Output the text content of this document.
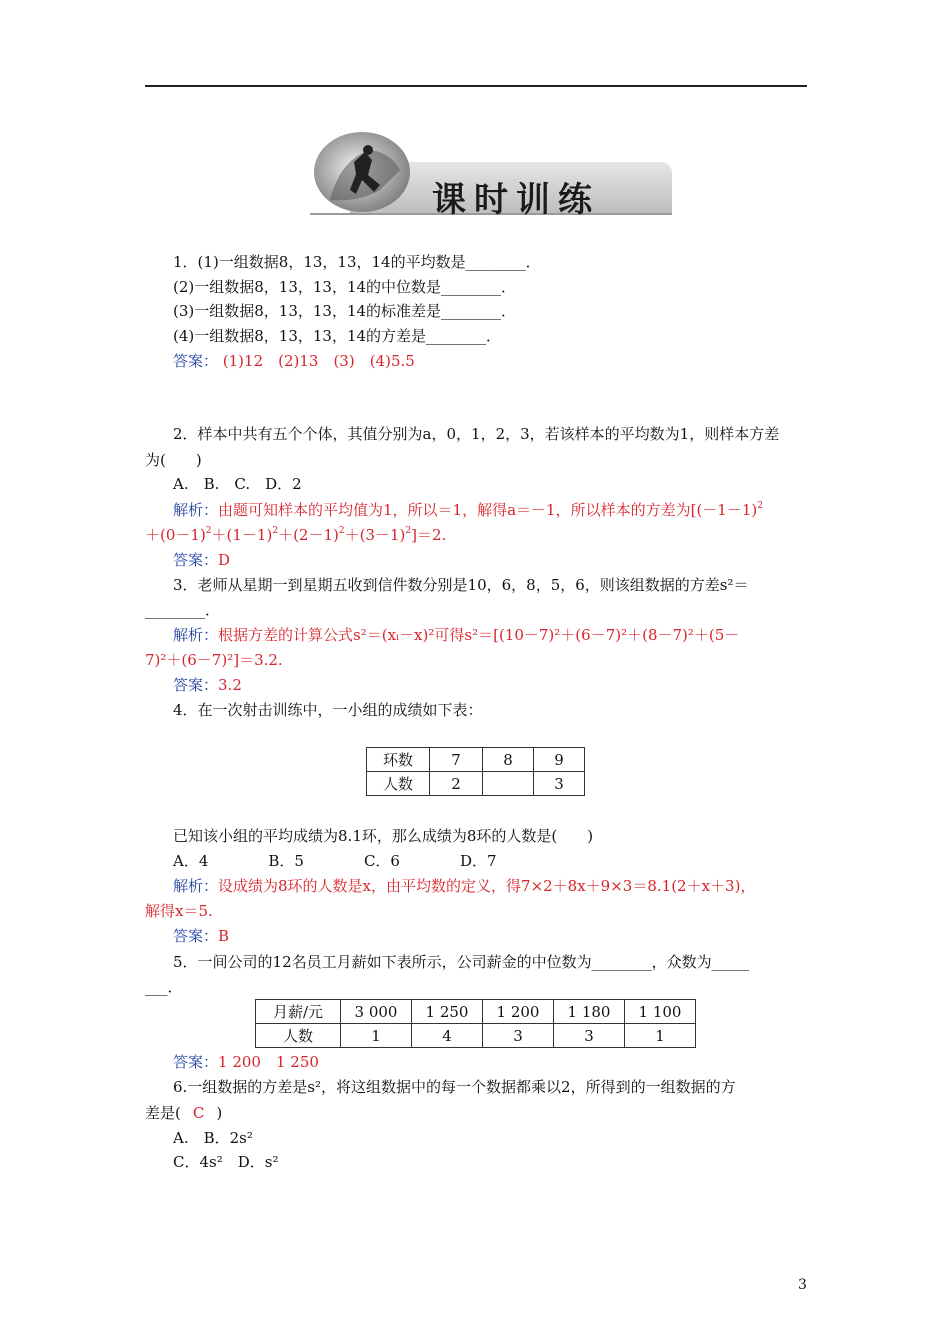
课时训练
1．(1)一组数据8，13，13，14的平均数是________．
(2)一组数据8，13，13，14的中位数是________．
(3)一组数据8，13，13，14的标准差是________．
(4)一组数据8，13，13，14的方差是________．
答案： (1)12　(2)13　(3)　(4)5.5
2．样本中共有五个个体，其值分别为a，0，1，2，3，若该样本的平均数为1，则样本方差
为(　　)
A.　B.　C.　D．2
解析：由题可知样本的平均值为1，所以＝1，解得a＝－1，所以样本的方差为[$(-1-1)^2$
$+(0-1)^2+(1-1)^2+(2-1)^2+(3-1)^2]=2$.
答案：D
3．老师从星期一到星期五收到信件数分别是10，6，8，5，6，则该组数据的方差s²＝
________．
解析：根据方差的计算公式s²＝(xᵢ－x)²可得s²＝[(10－7)²＋(6－7)²＋(8－7)²＋(5－
7)²＋(6－7)²]＝3.2.
答案：3.2
4．在一次射击训练中，一小组的成绩如下表：
环数	7	8	9
人数	2		3
已知该小组的平均成绩为8.1环，那么成绩为8环的人数是(　　)
A．4　　　　B．5　　　　C．6　　　　D．7
解析：设成绩为8环的人数是x，由平均数的定义，得7×2＋8x＋9×3＝8.1(2＋x＋3)，
解得x＝5.
答案：B
5．一间公司的12名员工月薪如下表所示，公司薪金的中位数为________，众数为_____
___．
月薪/元	3 000	1 250	1 200	1 180	1 100
人数	1	4	3	3	1
答案：1 200　1 250
6.一组数据的方差是s²，将这组数据中的每一个数据都乘以2，所得到的一组数据的方
差是( C )
A.　B．2s²
C．4s²　D．s²
3
